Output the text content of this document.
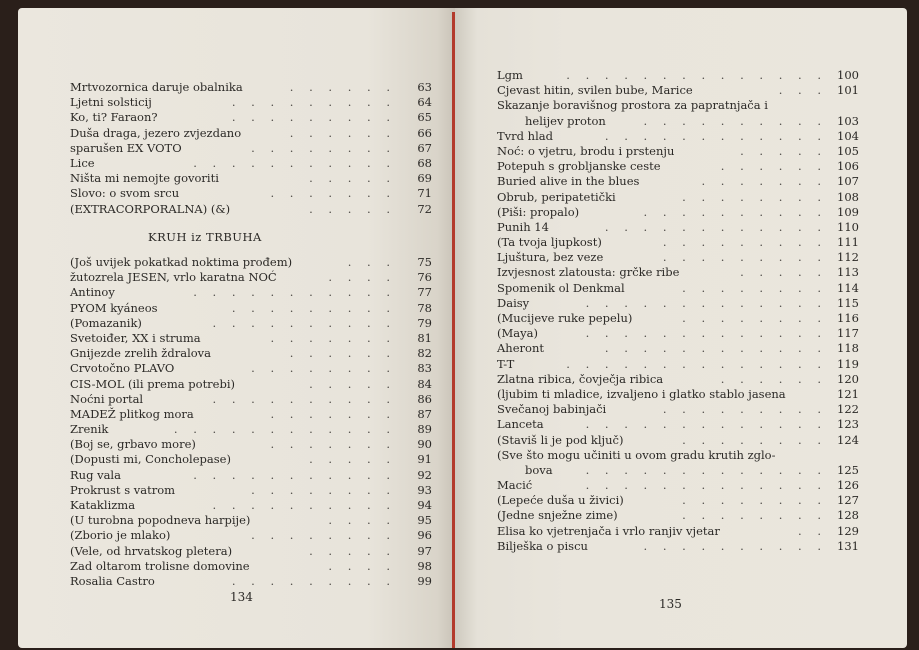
Mrtvozornica daruje obalnika	. . . . . .	63
Ljetni solsticij	. . . . . . . . .	64
Ko, ti? Faraon?	. . . . . . . . .	65
Duša draga, jezero zvjezdano	. . . . . .	66
sparušen EX VOTO	. . . . . . . .	67
Lice	. . . . . . . . . . .	68
Ništa mi nemojte govoriti	. . . . .	69
Slovo: o svom srcu	. . . . . . .	71
(EXTRACORPORALNA) (&)	. . . . .	72
KRUH iz TRBUHA
(Još uvijek pokatkad noktima prođem)	. . .	75
žutozrela JESEN, vrlo karatna NOĆ	. . . .	76
Antinoy	. . . . . . . . . . .	77
PYOM kyáneos	. . . . . . . . .	78
(Pomazanik)	. . . . . . . . . .	79
Svetoiđer, XX i struma	. . . . . . .	81
Gnijezde zrelih ždralova	. . . . . .	82
Crvotočno PLAVO	. . . . . . . .	83
CIS-MOL (ili prema potrebi)	. . . . .	84
Noćni portal	. . . . . . . . . .	86
MADEŽ plitkog mora	. . . . . . .	87
Zrenik	. . . . . . . . . . . .	89
(Boj se, grbavo more)	. . . . . . .	90
(Dopusti mi, Concholepase)	. . . . .	91
Rug vala	. . . . . . . . . . .	92
Prokrust s vatrom	. . . . . . . .	93
Kataklizma	. . . . . . . . . .	94
(U turobna popodneva harpije)	. . . .	95
(Zborio je mlako)	. . . . . . . .	96
(Vele, od hrvatskog pletera)	. . . . .	97
Zad oltarom trolisne domovine	. . . .	98
Rosalia Castro	. . . . . . . . .	99
134
Lgm	. . . . . . . . . . . . . . 100
Cjevast hitin, svilen bube, Marice	. . . 101
Skazanje boravišnog prostora za papratnjača i
helijev proton	. . . . . . . . . . 103
Tvrd hlad	. . . . . . . . . . . . 104
Noć: o vjetru, brodu i prstenju	. . . . . 105
Potepuh s grobljanske ceste	. . . . . . 106
Buried alive in the blues	. . . . . . . 107
Obrub, peripatetički	. . . . . . . . 108
(Piši: propalo)	. . . . . . . . . . 109
Punih 14	. . . . . . . . . . . . 110
(Ta tvoja ljupkost)	. . . . . . . . . 111
Ljuštura, bez veze	. . . . . . . . . 112
Izvjesnost zlatousta: grčke ribe	. . . . . 113
Spomenik ol Denkmal	. . . . . . . . 114
Daisy	. . . . . . . . . . . . . 115
(Mucijeve ruke pepelu)	. . . . . . . . 116
(Maya)	. . . . . . . . . . . . . 117
Aheront	. . . . . . . . . . . . 118
T-T	. . . . . . . . . . . . . . 119
Zlatna ribica, čovječja ribica	. . . . . . 120
(ljubim ti mladice, izvaljeno i glatko stablo jasena	121
Svečanoj babinjači	. . . . . . . . . 122
Lanceta	. . . . . . . . . . . . . 123
(Staviš li je pod ključ)	. . . . . . . . 124
(Sve što mogu učiniti u ovom gradu krutih zglo-
bova	. . . . . . . . . . . . . 125
Macić	. . . . . . . . . . . . . 126
(Lepeće duša u živici)	. . . . . . . . 127
(Jedne snježne zime)	. . . . . . . . 128
Elisa ko vjetrenjača i vrlo ranjiv vjetar	. . 129
Bilješka o piscu	. . . . . . . . . . 131
135
